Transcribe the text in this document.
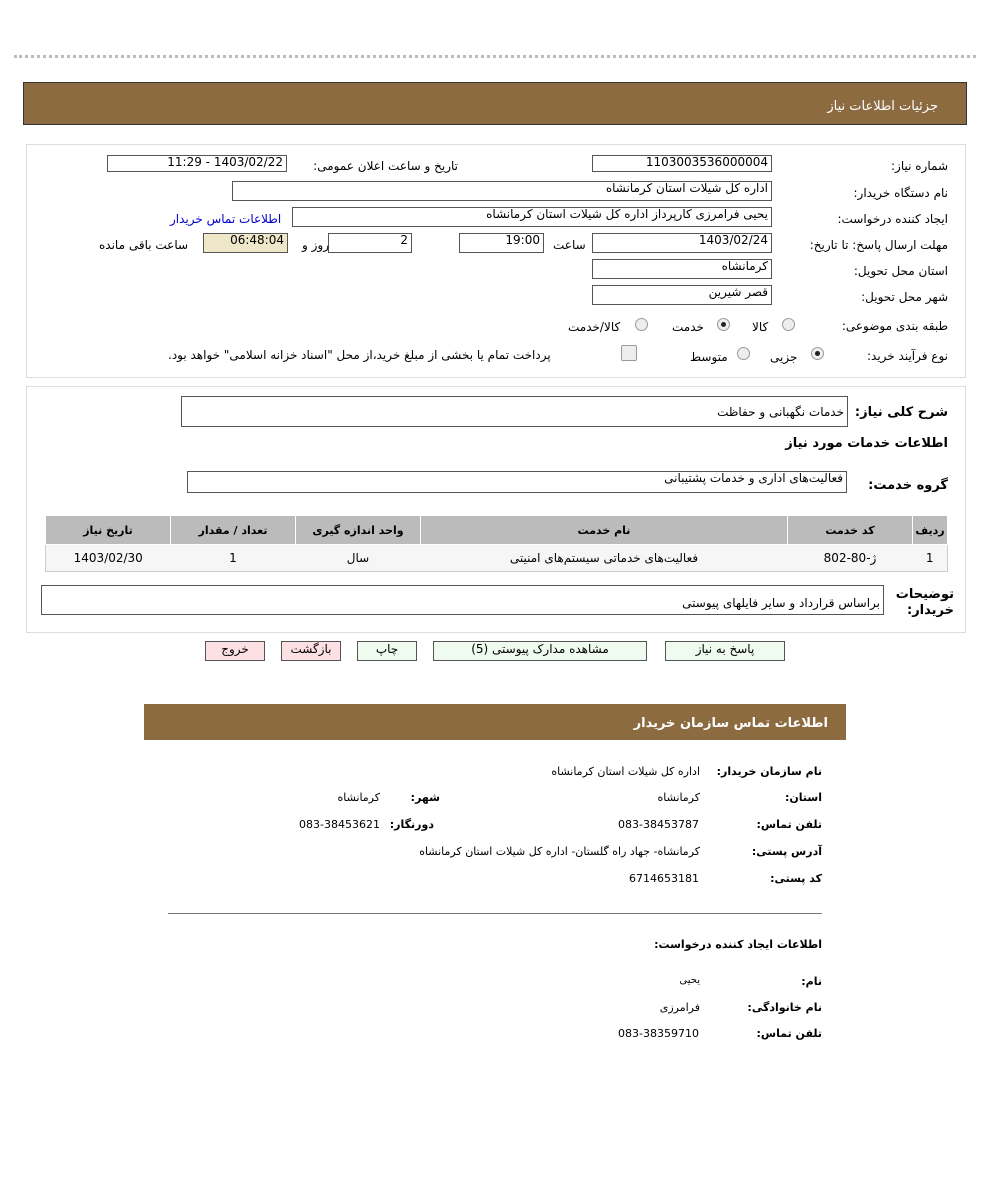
جزئیات اطلاعات نیاز
شماره نیاز:
1103003536000004
تاریخ و ساعت اعلان عمومی:
1403/02/22 - 11:29
نام دستگاه خریدار:
اداره کل شیلات استان کرمانشاه
ایجاد کننده درخواست:
یحیی فرامرزی کارپرداز اداره کل شیلات استان کرمانشاه
اطلاعات تماس خریدار
مهلت ارسال پاسخ: تا تاریخ:
1403/02/24
ساعت
19:00
2
روز و
06:48:04
ساعت باقی مانده
استان محل تحویل:
کرمانشاه
شهر محل تحویل:
قصر شیرین
طبقه بندی موضوعی:
کالا
خدمت
کالا/خدمت
نوع فرآیند خرید:
جزیی
متوسط
پرداخت تمام یا بخشی از مبلغ خرید،از محل "اسناد خزانه اسلامی" خواهد بود.
شرح کلی نیاز:
خدمات نگهبانی و حفاظت
اطلاعات خدمات مورد نیاز
گروه خدمت:
فعالیت‌های اداری و خدمات پشتیبانی
ردیف	کد خدمت	نام خدمت	واحد اندازه گیری	تعداد / مقدار	تاریخ نیاز
1	ژ-80-802	فعالیت‌های خدماتی سیستم‌های امنیتی	سال	1	1403/02/30
توضیحات خریدار:
براساس قرارداد و سایر فایلهای پیوستی
پاسخ به نیاز
مشاهده مدارک پیوستی (5)
چاپ
بازگشت
خروج
اطلاعات تماس سازمان خریدار
نام سازمان خریدار:
اداره کل شیلات استان کرمانشاه
استان:
کرمانشاه
شهر:
کرمانشاه
تلفن تماس:
083-38453787
دورنگار:
083-38453621
آدرس پستی:
کرمانشاه- جهاد راه گلستان- اداره کل شیلات استان کرمانشاه
کد پستی:
6714653181
اطلاعات ایجاد کننده درخواست:
نام:
یحیی
نام خانوادگی:
فرامرزی
تلفن تماس:
083-38359710
